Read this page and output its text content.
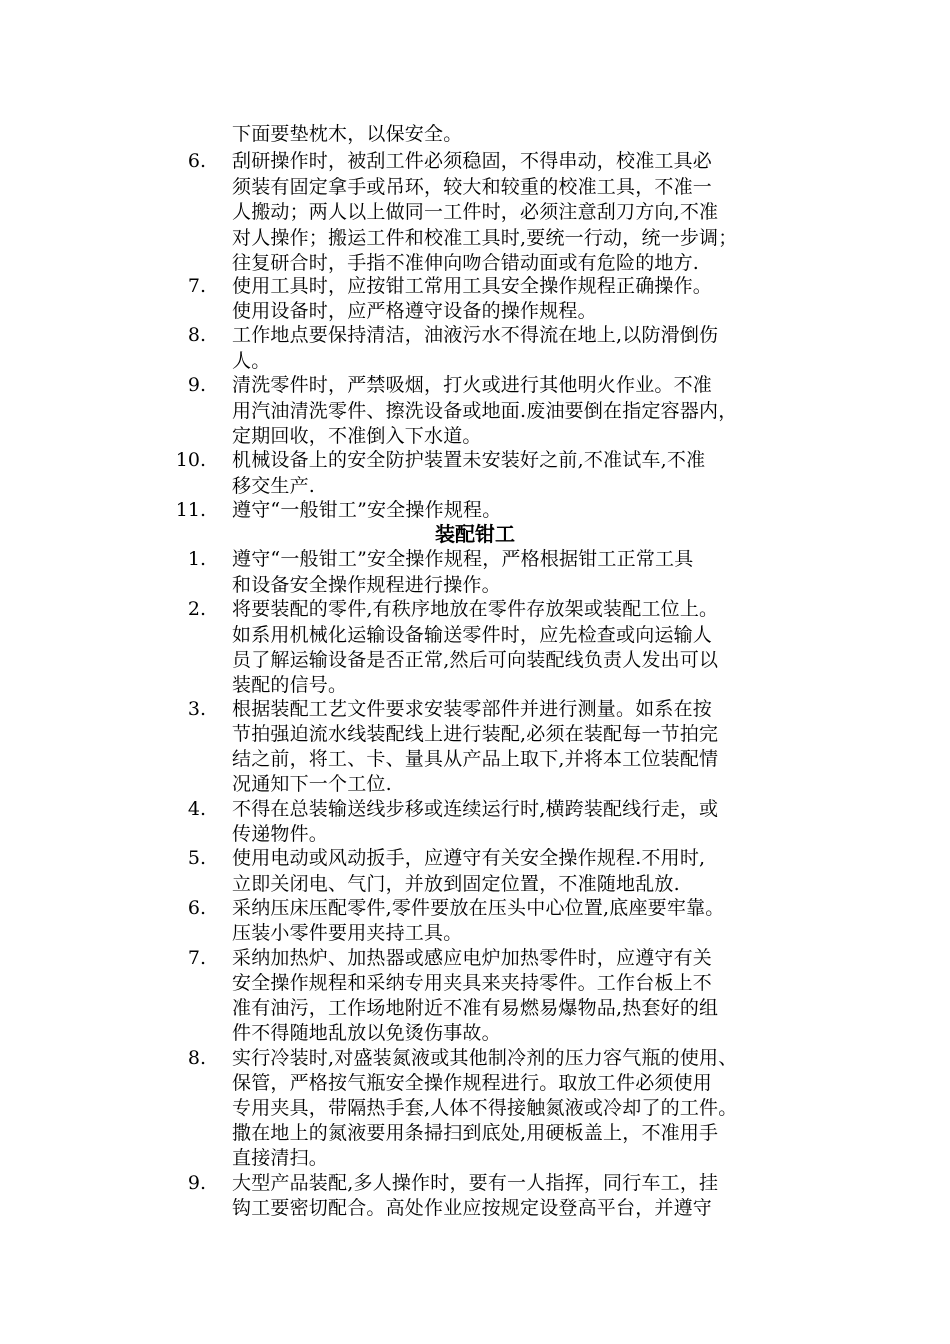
下面要垫枕木，以保安全。
6. 刮研操作时，被刮工件必须稳固，不得串动，校准工具必
须装有固定拿手或吊环，较大和较重的校准工具，不准一
人搬动；两人以上做同一工件时，必须注意刮刀方向,不准
对人操作；搬运工件和校准工具时,要统一行动，统一步调；
往复研合时，手指不准伸向吻合错动面或有危险的地方.
7. 使用工具时，应按钳工常用工具安全操作规程正确操作。
使用设备时，应严格遵守设备的操作规程。
8. 工作地点要保持清洁，油液污水不得流在地上,以防滑倒伤
人。
9. 清洗零件时，严禁吸烟，打火或进行其他明火作业。不准
用汽油清洗零件、擦洗设备或地面.废油要倒在指定容器内，
定期回收，不准倒入下水道。
10. 机械设备上的安全防护装置未安装好之前,不准试车,不准
移交生产.
11. 遵守“一般钳工”安全操作规程。
装配钳工
1. 遵守“一般钳工”安全操作规程，严格根据钳工正常工具
和设备安全操作规程进行操作。
2. 将要装配的零件,有秩序地放在零件存放架或装配工位上。
如系用机械化运输设备输送零件时，应先检查或向运输人
员了解运输设备是否正常,然后可向装配线负责人发出可以
装配的信号。
3. 根据装配工艺文件要求安装零部件并进行测量。如系在按
节拍强迫流水线装配线上进行装配,必须在装配每一节拍完
结之前，将工、卡、量具从产品上取下,并将本工位装配情
况通知下一个工位.
4. 不得在总装输送线步移或连续运行时,横跨装配线行走，或
传递物件。
5. 使用电动或风动扳手，应遵守有关安全操作规程.不用时,
立即关闭电、气门，并放到固定位置，不准随地乱放.
6. 采纳压床压配零件,零件要放在压头中心位置,底座要牢靠。
压装小零件要用夹持工具。
7. 采纳加热炉、加热器或感应电炉加热零件时，应遵守有关
安全操作规程和采纳专用夹具来夹持零件。工作台板上不
准有油污，工作场地附近不准有易燃易爆物品,热套好的组
件不得随地乱放以免烫伤事故。
8. 实行冷装时,对盛装氮液或其他制冷剂的压力容气瓶的使用、
保管，严格按气瓶安全操作规程进行。取放工件必须使用
专用夹具，带隔热手套,人体不得接触氮液或冷却了的工件。
撒在地上的氮液要用条掃扫到底处,用硬板盖上，不准用手
直接清扫。
9. 大型产品装配,多人操作时，要有一人指挥，同行车工，挂
钩工要密切配合。高处作业应按规定设登高平台，并遵守
